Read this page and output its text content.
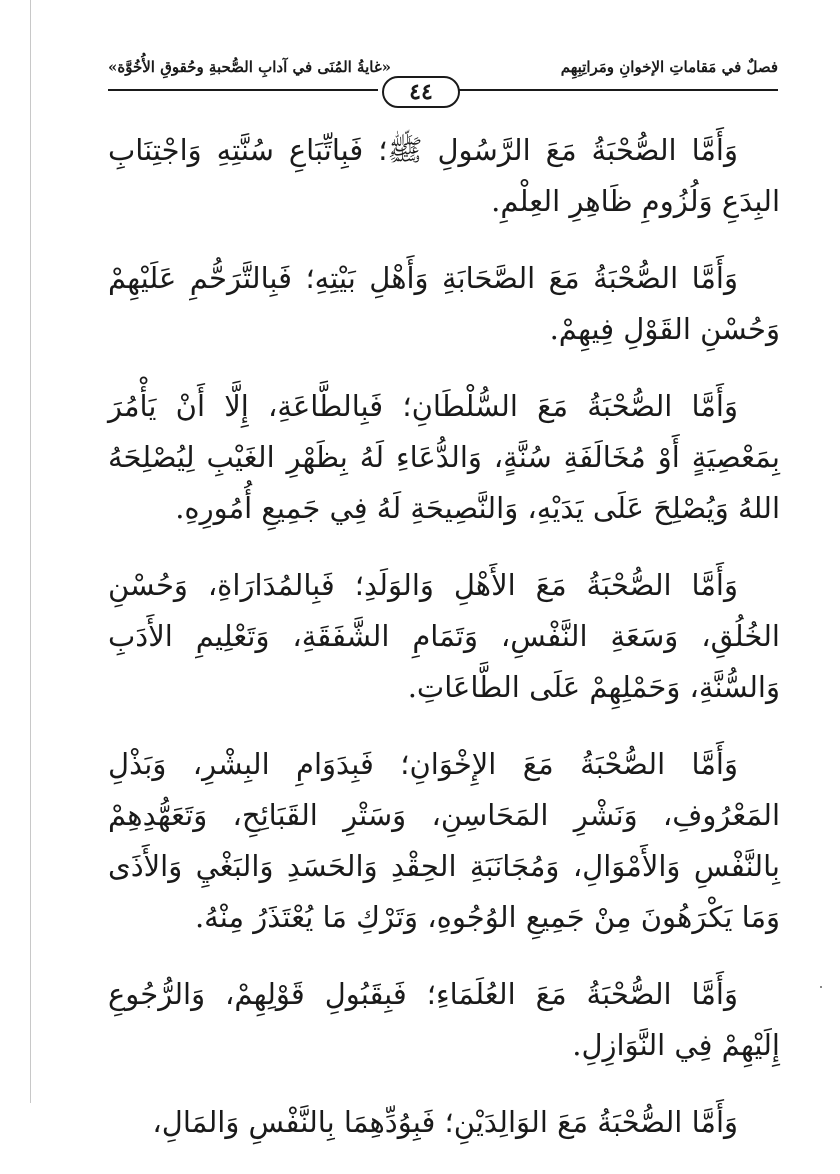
فصلٌ في مَقاماتِ الإخوانِ ومَراتِبِهِم
«غايةُ المُنَى في آدابِ الصُّحبةِ وحُقوقِ الأُخُوَّة»
٤٤

وَأَمَّا الصُّحْبَةُ مَعَ الرَّسُولِ ﷺ؛ فَبِاتِّبَاعِ سُنَّتِهِ وَاجْتِنَابِ البِدَعِ وَلُزُومِ ظَاهِرِ العِلْمِ.

وَأَمَّا الصُّحْبَةُ مَعَ الصَّحَابَةِ وَأَهْلِ بَيْتِهِ؛ فَبِالتَّرَحُّمِ عَلَيْهِمْ وَحُسْنِ القَوْلِ فِيهِمْ.

وَأَمَّا الصُّحْبَةُ مَعَ السُّلْطَانِ؛ فَبِالطَّاعَةِ، إِلَّا أَنْ يَأْمُرَ بِمَعْصِيَةٍ أَوْ مُخَالَفَةِ سُنَّةٍ، وَالدُّعَاءِ لَهُ بِظَهْرِ الغَيْبِ لِيُصْلِحَهُ اللهُ وَيُصْلِحَ عَلَى يَدَيْهِ، وَالنَّصِيحَةِ لَهُ فِي جَمِيعِ أُمُورِهِ.

وَأَمَّا الصُّحْبَةُ مَعَ الأَهْلِ وَالوَلَدِ؛ فَبِالمُدَارَاةِ، وَحُسْنِ الخُلُقِ، وَسَعَةِ النَّفْسِ، وَتَمَامِ الشَّفَقَةِ، وَتَعْلِيمِ الأَدَبِ وَالسُّنَّةِ، وَحَمْلِهِمْ عَلَى الطَّاعَاتِ.

وَأَمَّا الصُّحْبَةُ مَعَ الإِخْوَانِ؛ فَبِدَوَامِ البِشْرِ، وَبَذْلِ المَعْرُوفِ، وَنَشْرِ المَحَاسِنِ، وَسَتْرِ القَبَائِحِ، وَتَعَهُّدِهِمْ بِالنَّفْسِ وَالأَمْوَالِ، وَمُجَانَبَةِ الحِقْدِ وَالحَسَدِ وَالبَغْيِ وَالأَذَى وَمَا يَكْرَهُونَ مِنْ جَمِيعِ الوُجُوهِ، وَتَرْكِ مَا يُعْتَذَرُ مِنْهُ.

وَأَمَّا الصُّحْبَةُ مَعَ العُلَمَاءِ؛ فَبِقَبُولِ قَوْلِهِمْ، وَالرُّجُوعِ إِلَيْهِمْ فِي النَّوَازِلِ.

وَأَمَّا الصُّحْبَةُ مَعَ الوَالِدَيْنِ؛ فَبِوُدِّهِمَا بِالنَّفْسِ وَالمَالِ،
